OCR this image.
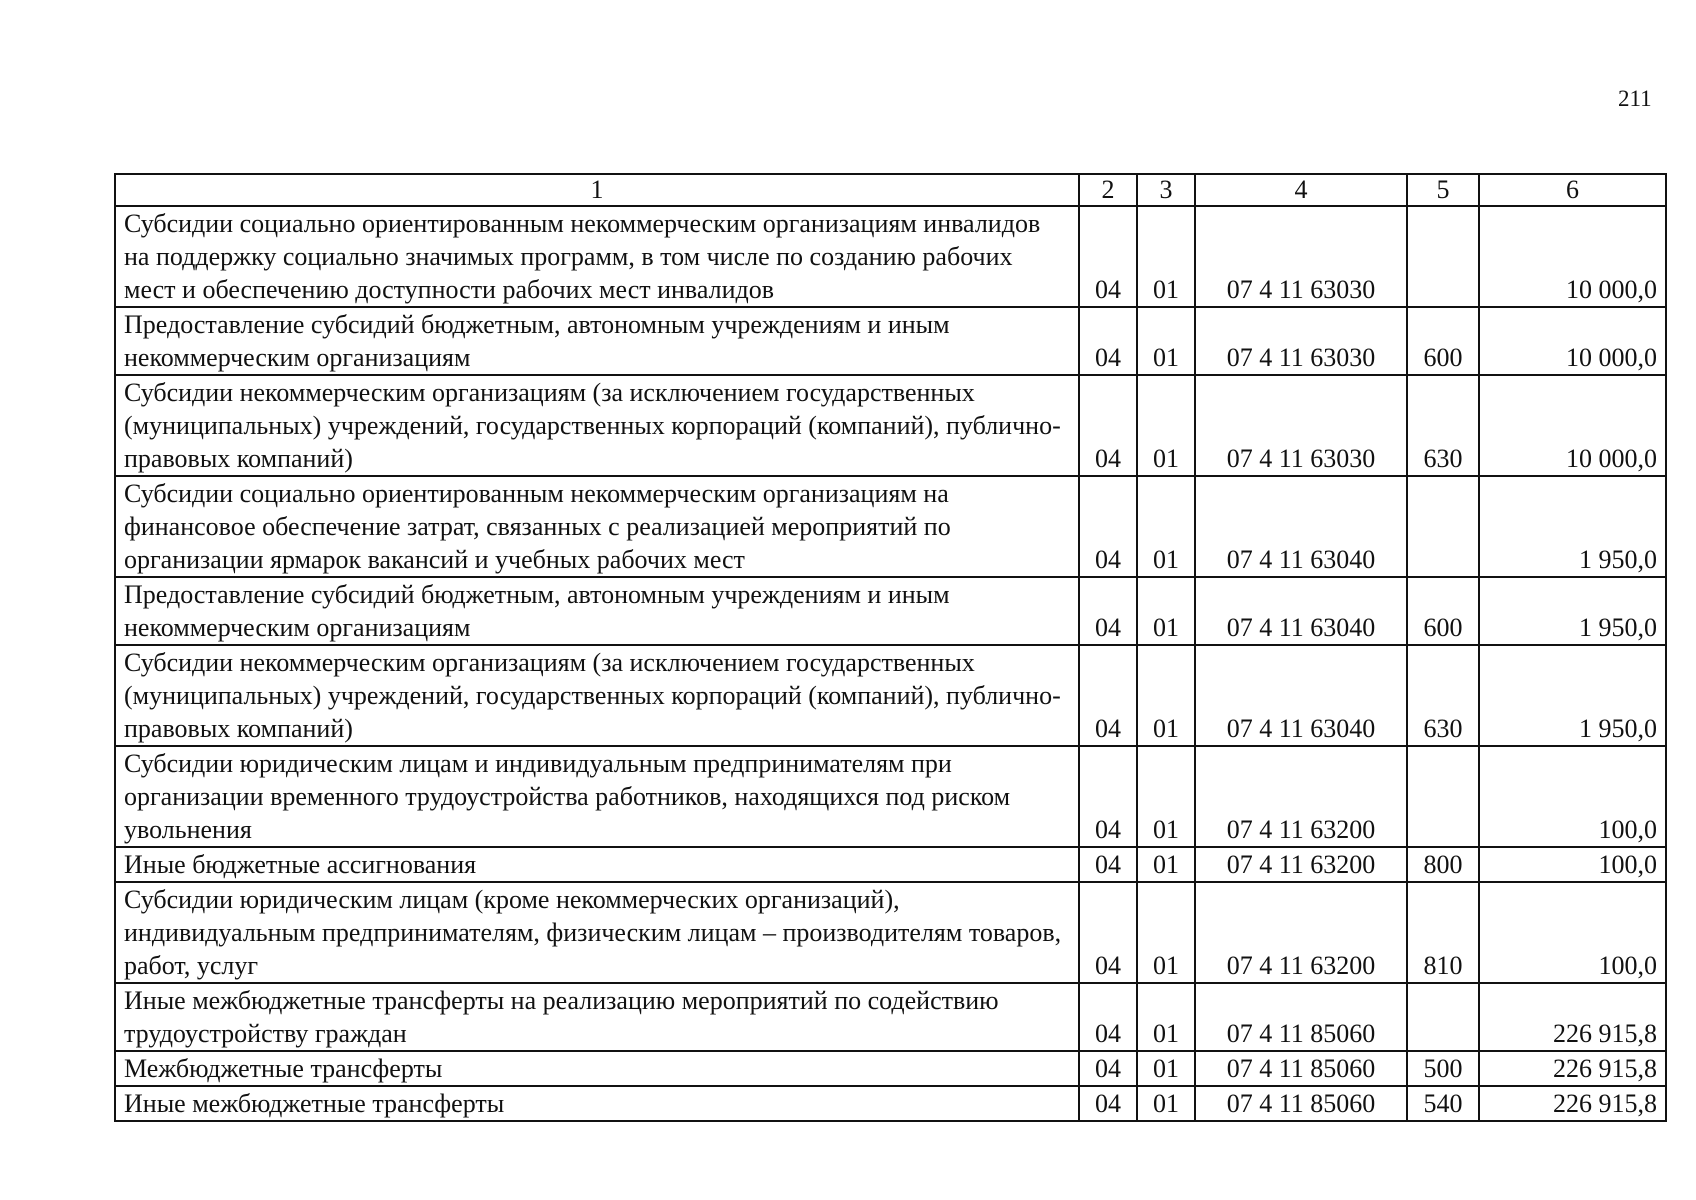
211
1	2	3	4	5	6
Субсидии социально ориентированным некоммерческим организациям инвалидов на поддержку социально значимых программ, в том числе по созданию рабочих мест и обеспечению доступности рабочих мест инвалидов	04	01	07 4 11 63030		10 000,0
Предоставление субсидий бюджетным, автономным учреждениям и иным некоммерческим организациям	04	01	07 4 11 63030	600	10 000,0
Субсидии некоммерческим организациям (за исключением государственных (муниципальных) учреждений, государственных корпораций (компаний), публично-правовых компаний)	04	01	07 4 11 63030	630	10 000,0
Субсидии социально ориентированным некоммерческим организациям на финансовое обеспечение затрат, связанных с реализацией мероприятий по организации ярмарок вакансий и учебных рабочих мест	04	01	07 4 11 63040		1 950,0
Предоставление субсидий бюджетным, автономным учреждениям и иным некоммерческим организациям	04	01	07 4 11 63040	600	1 950,0
Субсидии некоммерческим организациям (за исключением государственных (муниципальных) учреждений, государственных корпораций (компаний), публично-правовых компаний)	04	01	07 4 11 63040	630	1 950,0
Субсидии юридическим лицам и индивидуальным предпринимателям при организации временного трудоустройства работников, находящихся под риском увольнения	04	01	07 4 11 63200		100,0
Иные бюджетные ассигнования	04	01	07 4 11 63200	800	100,0
Субсидии юридическим лицам (кроме некоммерческих организаций), индивидуальным предпринимателям, физическим лицам – производителям товаров, работ, услуг	04	01	07 4 11 63200	810	100,0
Иные межбюджетные трансферты на реализацию мероприятий по содействию трудоустройству граждан	04	01	07 4 11 85060		226 915,8
Межбюджетные трансферты	04	01	07 4 11 85060	500	226 915,8
Иные межбюджетные трансферты	04	01	07 4 11 85060	540	226 915,8
